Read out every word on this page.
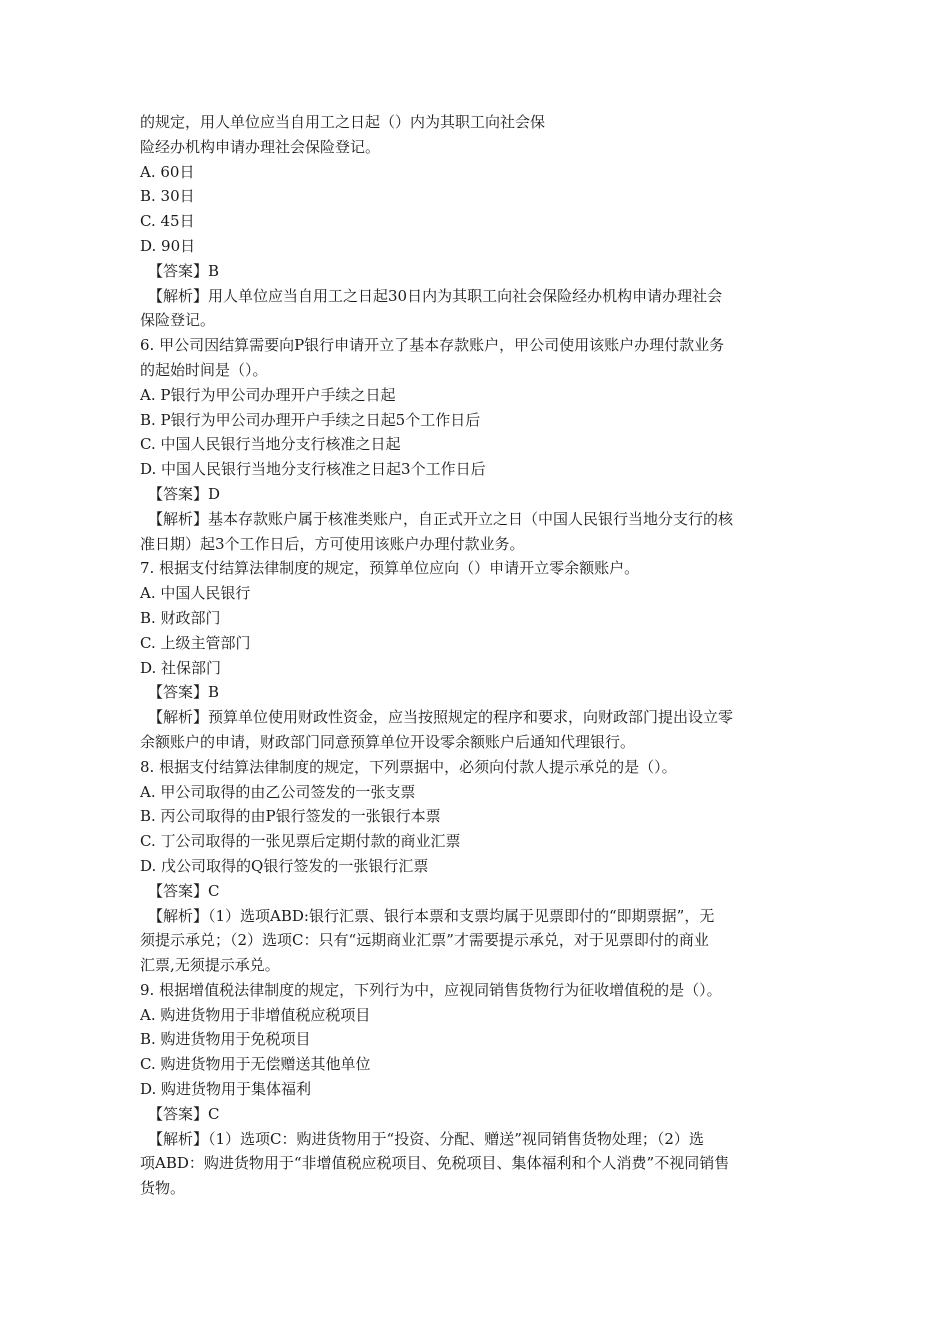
的规定，用人单位应当自用工之日起（）内为其职工向社会保
险经办机构申请办理社会保险登记。
A. 60日
B. 30日
C. 45日
D. 90日
【答案】B
【解析】用人单位应当自用工之日起30日内为其职工向社会保险经办机构申请办理社会
保险登记。
6. 甲公司因结算需要向P银行申请开立了基本存款账户，甲公司使用该账户办理付款业务
的起始时间是（）。
A. P银行为甲公司办理开户手续之日起
B. P银行为甲公司办理开户手续之日起5个工作日后
C. 中国人民银行当地分支行核准之日起
D. 中国人民银行当地分支行核准之日起3个工作日后
【答案】D
【解析】基本存款账户属于核准类账户，自正式开立之日（中国人民银行当地分支行的核
准日期）起3个工作日后，方可使用该账户办理付款业务。
7. 根据支付结算法律制度的规定，预算单位应向（）申请开立零余额账户。
A. 中国人民银行
B. 财政部门
C. 上级主管部门
D. 社保部门
【答案】B
【解析】预算单位使用财政性资金，应当按照规定的程序和要求，向财政部门提出设立零
余额账户的申请，财政部门同意预算单位开设零余额账户后通知代理银行。
8. 根据支付结算法律制度的规定，下列票据中，必须向付款人提示承兑的是（）。
A. 甲公司取得的由乙公司签发的一张支票
B. 丙公司取得的由P银行签发的一张银行本票
C. 丁公司取得的一张见票后定期付款的商业汇票
D. 戊公司取得的Q银行签发的一张银行汇票
【答案】C
【解析】（1）选项ABD:银行汇票、银行本票和支票均属于见票即付的“即期票据”，无
须提示承兑；（2）选项C：只有“远期商业汇票”才需要提示承兑，对于见票即付的商业
汇票,无须提示承兑。
9. 根据增值税法律制度的规定，下列行为中，应视同销售货物行为征收增值税的是（）。
A. 购进货物用于非增值税应税项目
B. 购进货物用于免税项目
C. 购进货物用于无偿赠送其他单位
D. 购进货物用于集体福利
【答案】C
【解析】（1）选项C：购进货物用于“投资、分配、赠送”视同销售货物处理；（2）选
项ABD：购进货物用于“非增值税应税项目、免税项目、集体福利和个人消费”不视同销售
货物。
